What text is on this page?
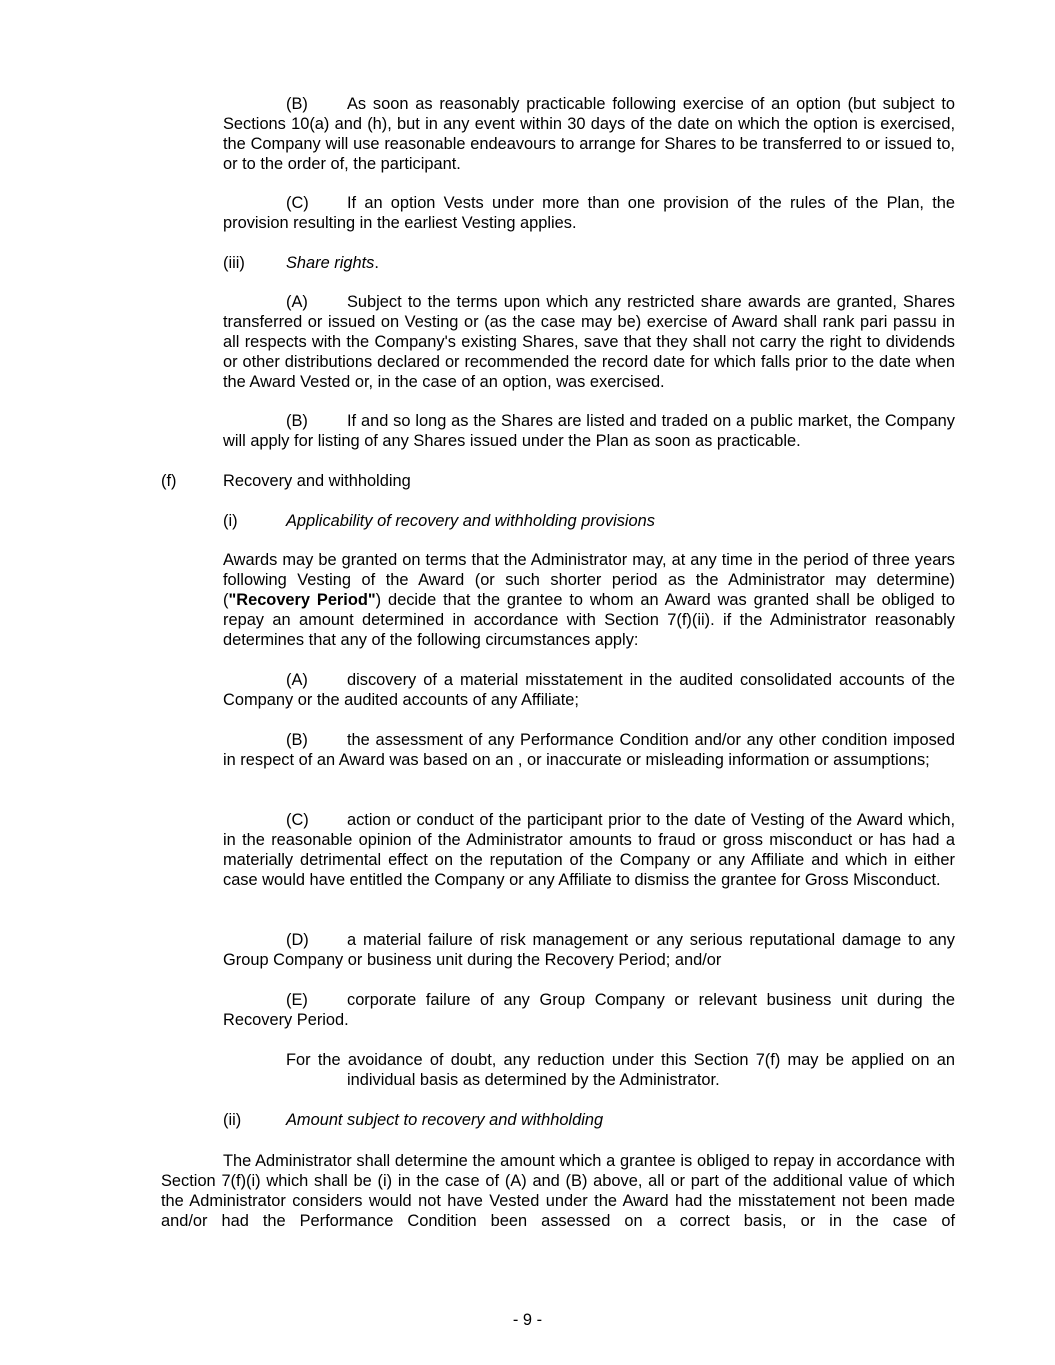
(B) As soon as reasonably practicable following exercise of an option (but subject to Sections 10(a) and (h), but in any event within 30 days of the date on which the option is exercised, the Company will use reasonable endeavours to arrange for Shares to be transferred to or issued to, or to the order of, the participant.

(C) If an option Vests under more than one provision of the rules of the Plan, the provision resulting in the earliest Vesting applies.

(iii)	Share rights.

(A) Subject to the terms upon which any restricted share awards are granted, Shares transferred or issued on Vesting or (as the case may be) exercise of Award shall rank pari passu in all respects with the Company's existing Shares, save that they shall not carry the right to dividends or other distributions declared or recommended the record date for which falls prior to the date when the Award Vested or, in the case of an option, was exercised.

(B) If and so long as the Shares are listed and traded on a public market, the Company will apply for listing of any Shares issued under the Plan as soon as practicable.

(f)	Recovery and withholding
(i)	Applicability of recovery and withholding provisions

Awards may be granted on terms that the Administrator may, at any time in the period of three years following Vesting of the Award (or such shorter period as the Administrator may determine) ("Recovery Period") decide that the grantee to whom an Award was granted shall be obliged to repay an amount determined in accordance with Section 7(f)(ii). if the Administrator reasonably determines that any of the following circumstances apply:

(A) discovery of a material misstatement in the audited consolidated accounts of the Company or the audited accounts of any Affiliate;

(B) the assessment of any Performance Condition and/or any other condition imposed in respect of an Award was based on an , or inaccurate or misleading information or assumptions;

(C) action or conduct of the participant prior to the date of Vesting of the Award which, in the reasonable opinion of the Administrator amounts to fraud or gross misconduct or has had a materially detrimental effect on the reputation of the Company or any Affiliate and which in either case would have entitled the Company or any Affiliate to dismiss the grantee for Gross Misconduct.

(D) a material failure of risk management or any serious reputational damage to any Group Company or business unit during the Recovery Period; and/or

(E) corporate failure of any Group Company or relevant business unit during the Recovery Period.

For the avoidance of doubt, any reduction under this Section 7(f) may be applied on an
individual basis as determined by the Administrator.
(ii)	Amount subject to recovery and withholding

The Administrator shall determine the amount which a grantee is obliged to repay in accordance with Section 7(f)(i) which shall be (i) in the case of (A) and (B) above, all or part of the additional value of which the Administrator considers would not have Vested under the Award had the misstatement not been made and/or had the Performance Condition been assessed on a correct basis, or in the case of

- 9 -
